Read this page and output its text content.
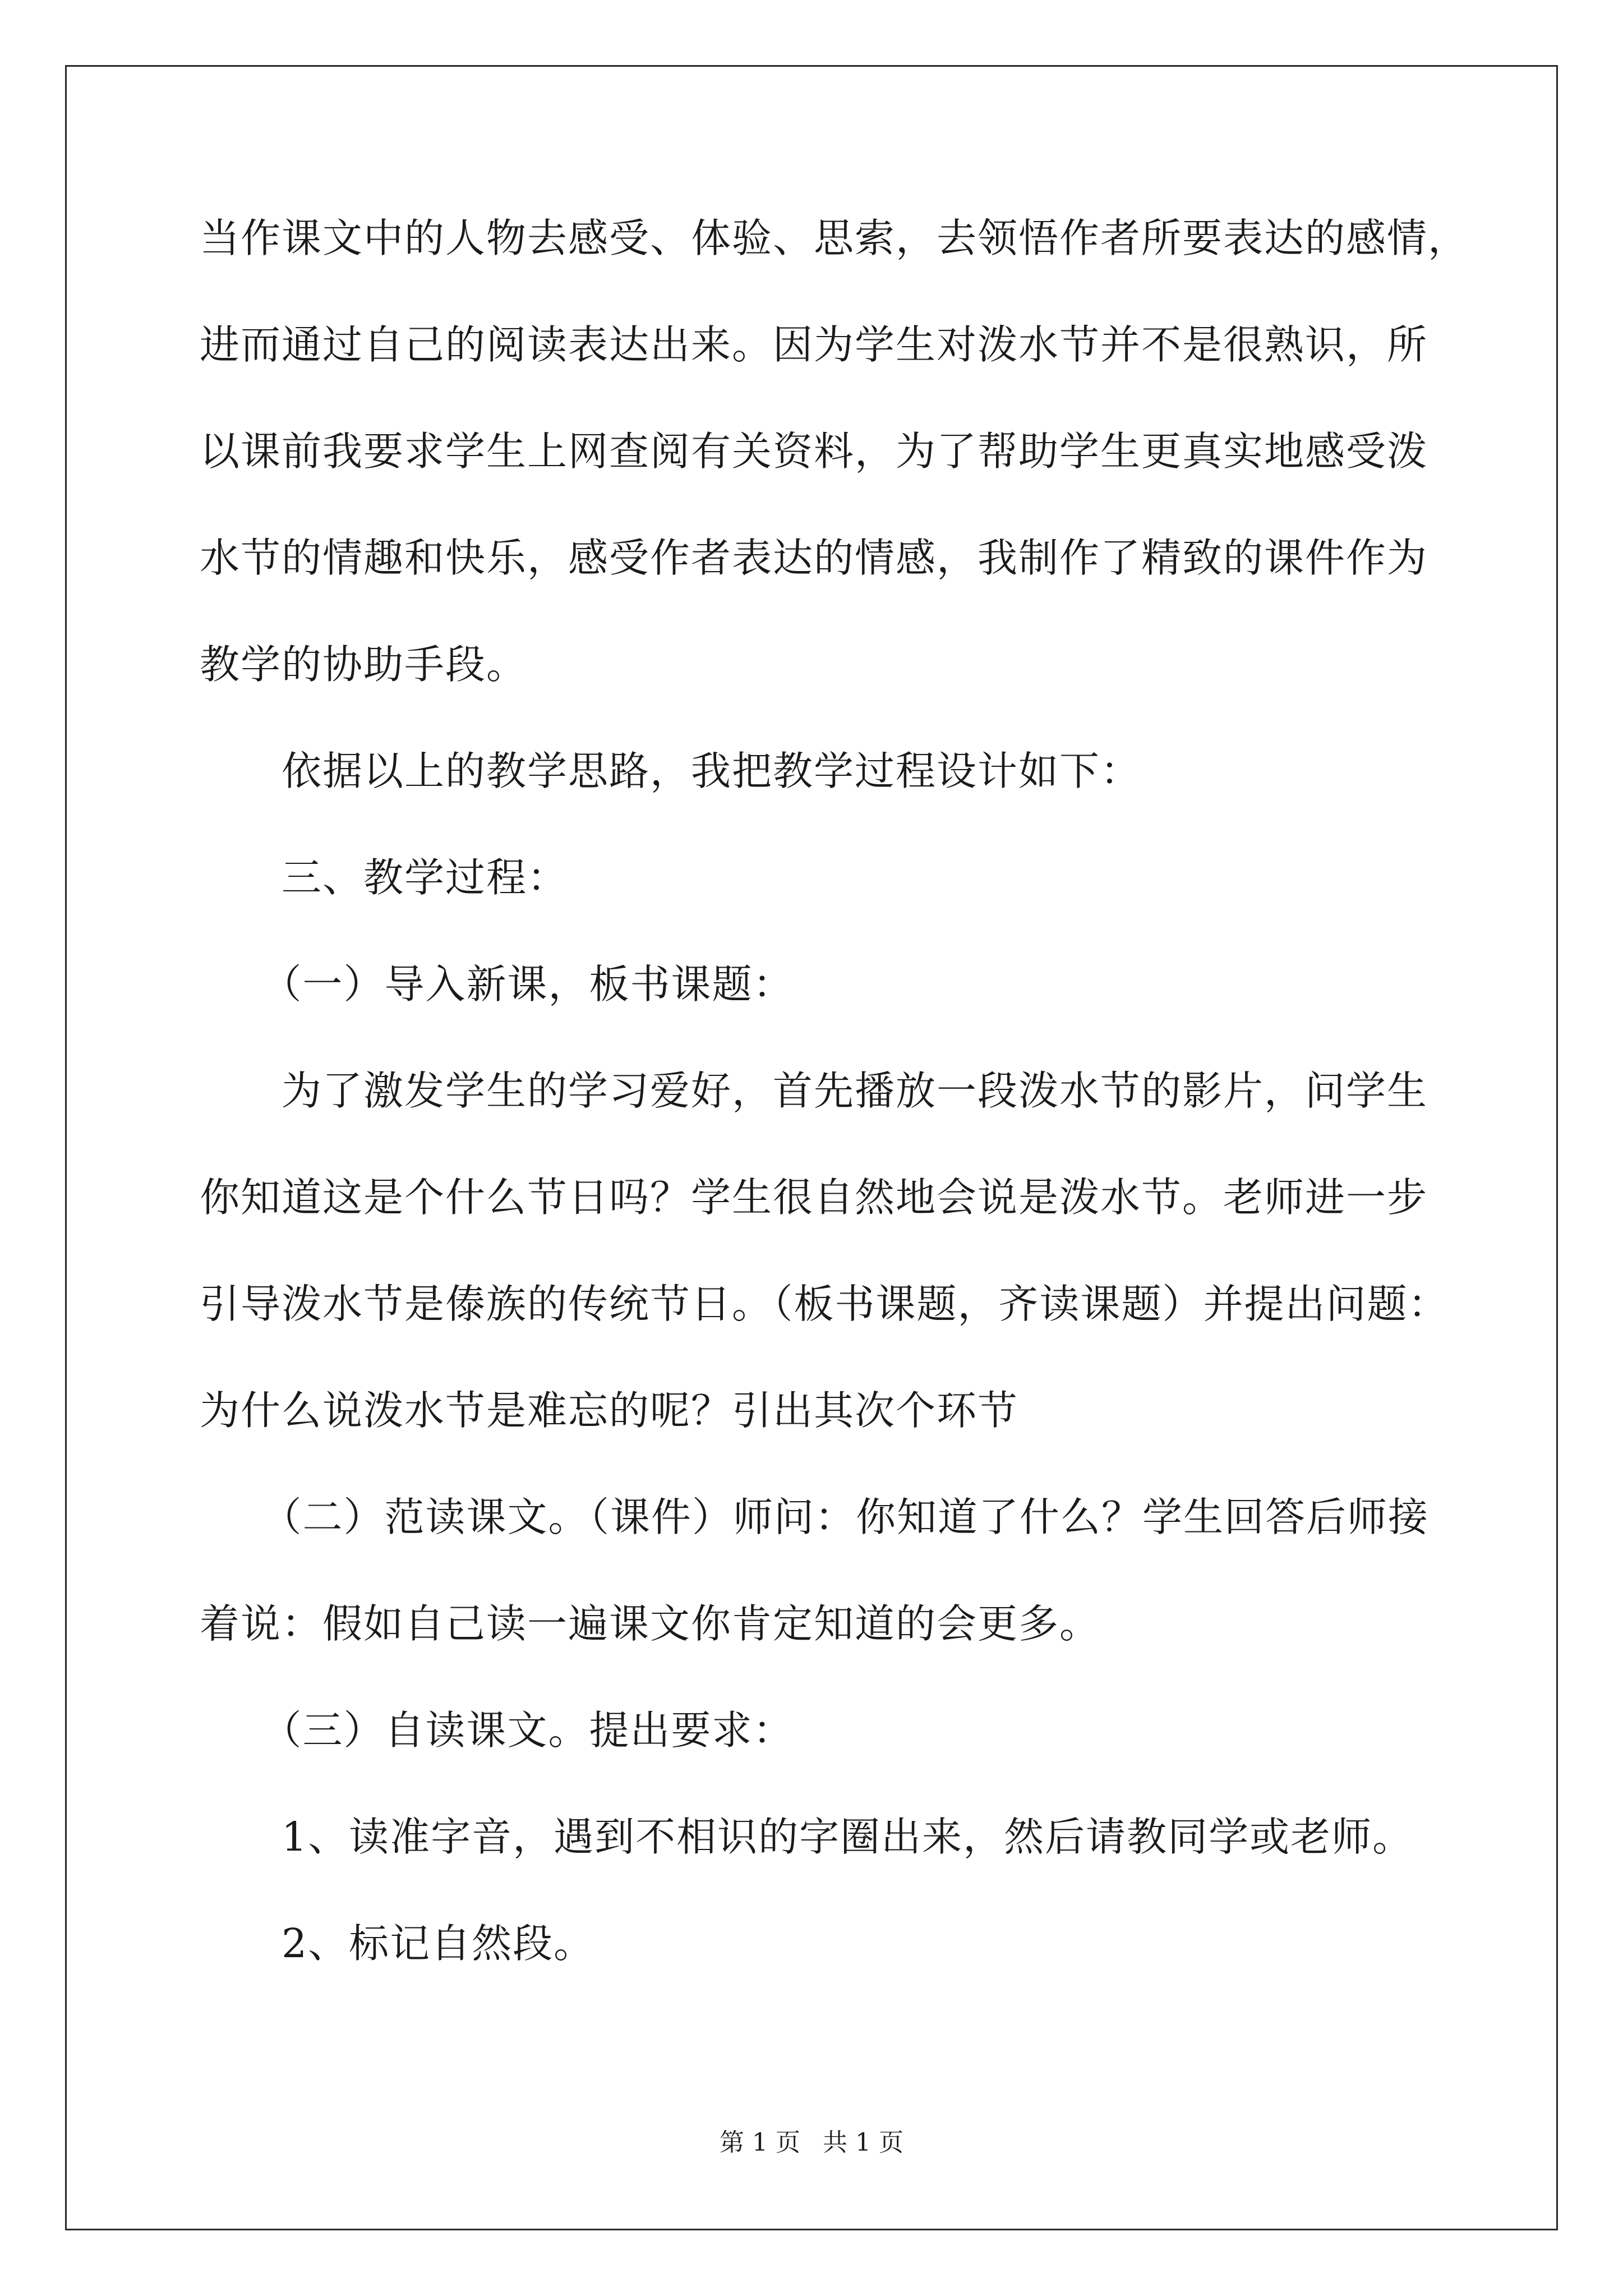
当作课文中的人物去感受、体验、思索，去领悟作者所要表达的感情，
进而通过自己的阅读表达出来。因为学生对泼水节并不是很熟识，所
以课前我要求学生上网查阅有关资料，为了帮助学生更真实地感受泼
水节的情趣和快乐，感受作者表达的情感，我制作了精致的课件作为
教学的协助手段。
　　依据以上的教学思路，我把教学过程设计如下：
　　三、教学过程：
　　（一）导入新课，板书课题：
　　为了激发学生的学习爱好，首先播放一段泼水节的影片，问学生
你知道这是个什么节日吗？学生很自然地会说是泼水节。老师进一步
引导泼水节是傣族的传统节日。（板书课题，齐读课题）并提出问题：
为什么说泼水节是难忘的呢？引出其次个环节
　　（二）范读课文。（课件）师问：你知道了什么？学生回答后师接
着说：假如自己读一遍课文你肯定知道的会更多。
　　（三）自读课文。提出要求：
　　1、读准字音，遇到不相识的字圈出来，然后请教同学或老师。
　　2、标记自然段。
第 1 页 共 1 页
